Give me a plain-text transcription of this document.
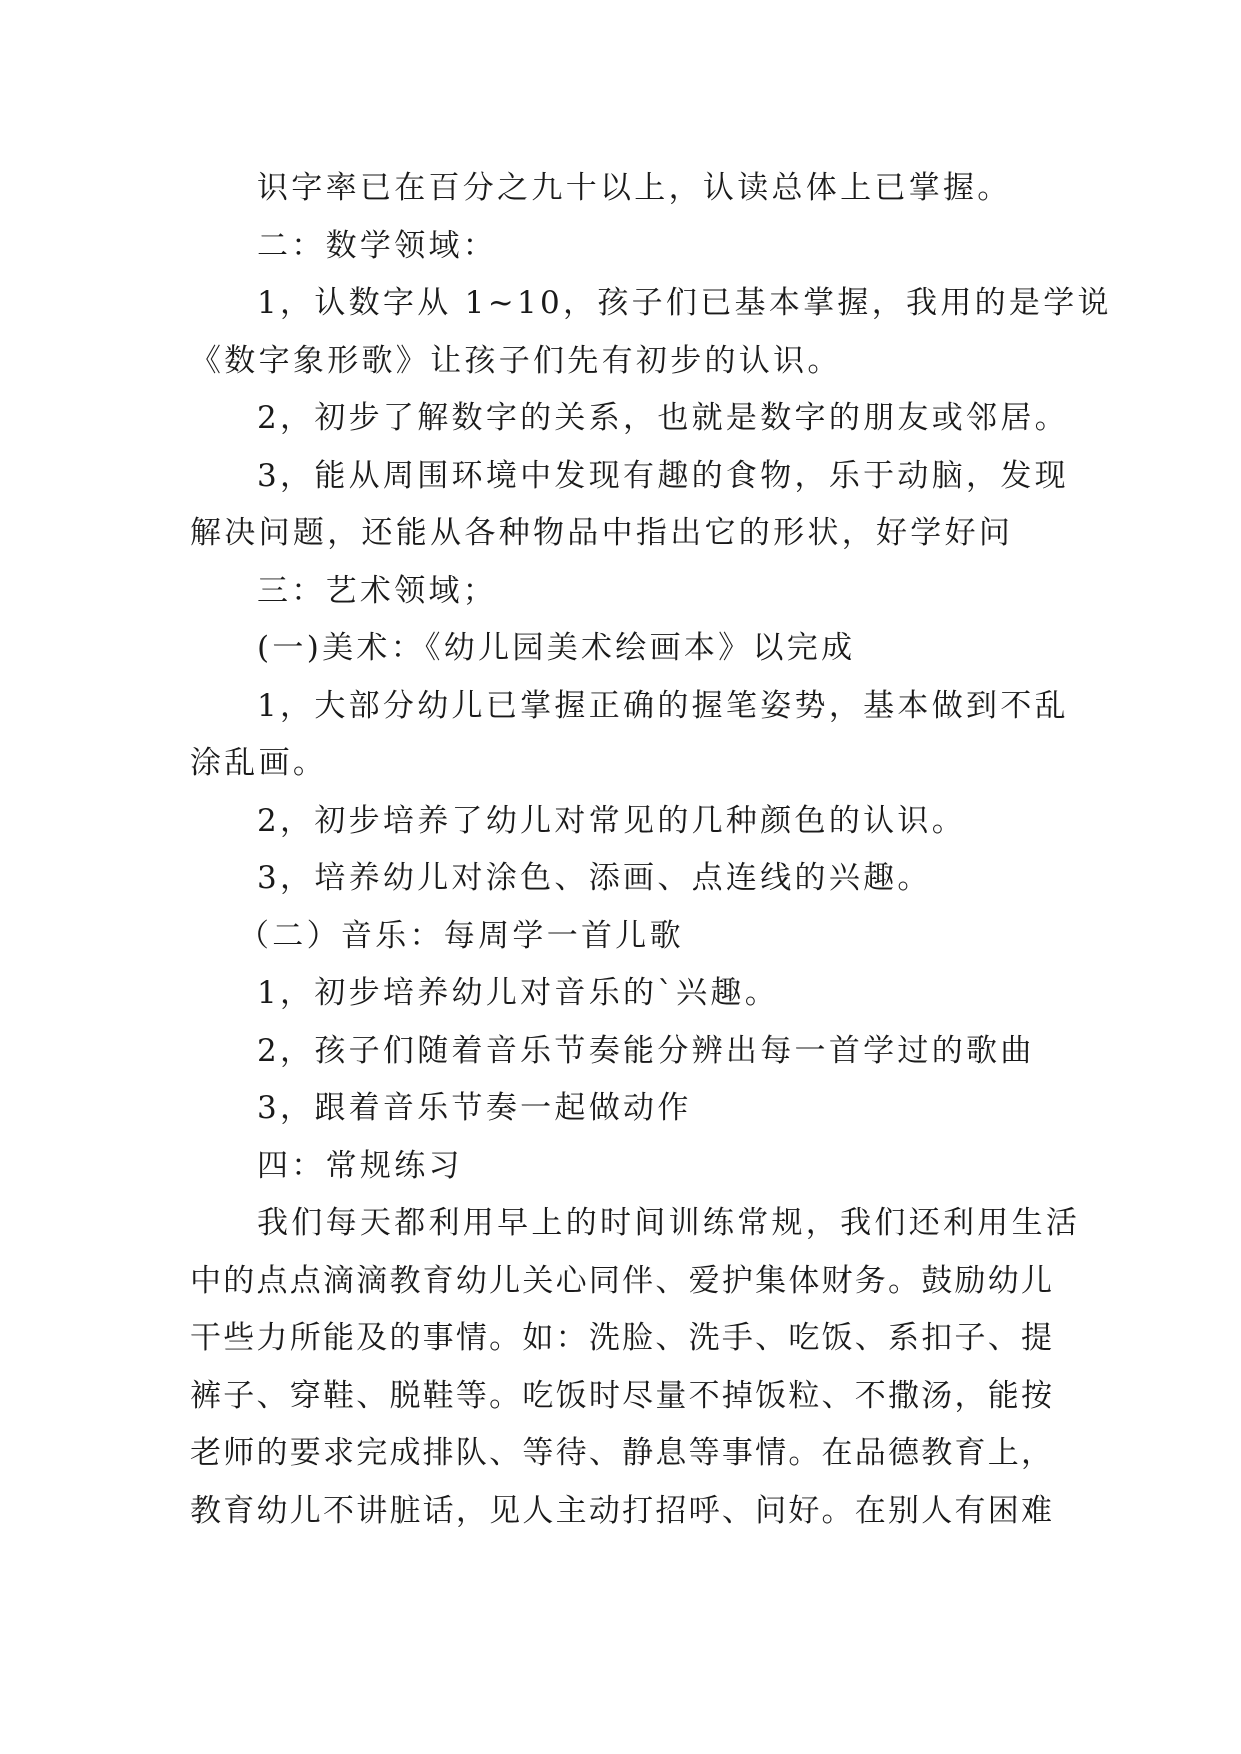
识字率已在百分之九十以上，认读总体上已掌握。
二：数学领域：
1，认数字从 1~10，孩子们已基本掌握，我用的是学说
《数字象形歌》让孩子们先有初步的认识。
2，初步了解数字的关系，也就是数字的朋友或邻居。
3，能从周围环境中发现有趣的食物，乐于动脑，发现
解决问题，还能从各种物品中指出它的形状，好学好问
三：艺术领域；
(一)美术：《幼儿园美术绘画本》以完成
1，大部分幼儿已掌握正确的握笔姿势，基本做到不乱
涂乱画。
2，初步培养了幼儿对常见的几种颜色的认识。
3，培养幼儿对涂色、添画、点连线的兴趣。
（二）音乐：每周学一首儿歌
1，初步培养幼儿对音乐的`兴趣。
2，孩子们随着音乐节奏能分辨出每一首学过的歌曲
3，跟着音乐节奏一起做动作
四：常规练习
我们每天都利用早上的时间训练常规，我们还利用生活
中的点点滴滴教育幼儿关心同伴、爱护集体财务。鼓励幼儿
干些力所能及的事情。如：洗脸、洗手、吃饭、系扣子、提
裤子、穿鞋、脱鞋等。吃饭时尽量不掉饭粒、不撒汤，能按
老师的要求完成排队、等待、静息等事情。在品德教育上，
教育幼儿不讲脏话，见人主动打招呼、问好。在别人有困难
